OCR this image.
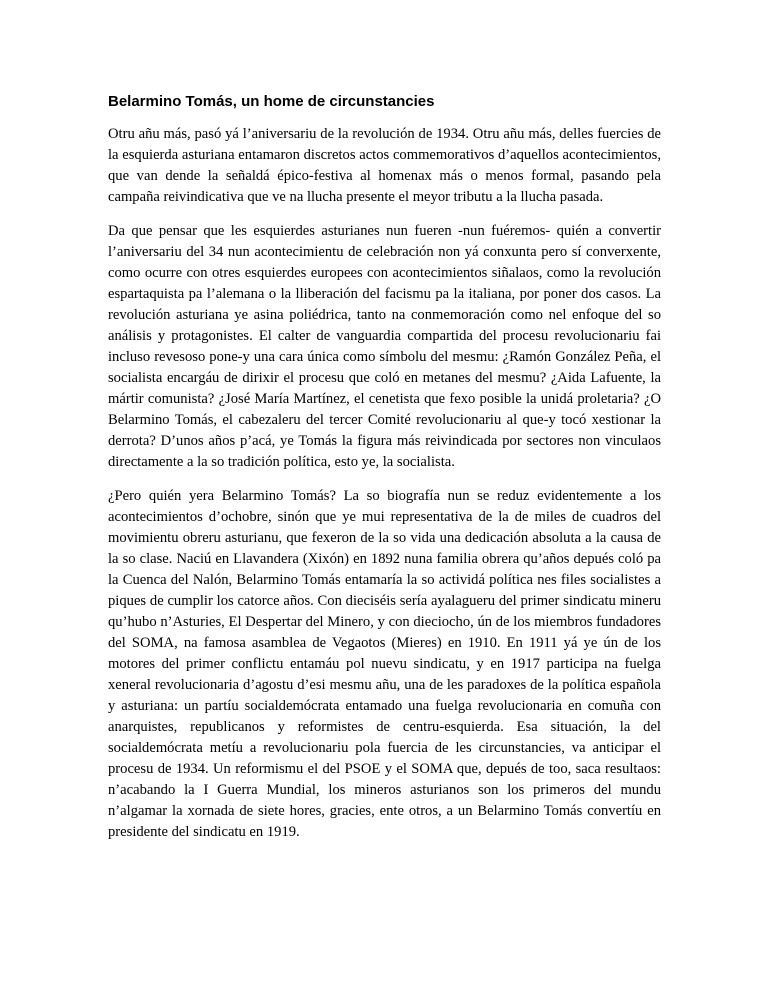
Belarmino Tomás, un home de circunstancies

Otru añu más, pasó yá l’aniversariu de la revolución de 1934. Otru añu más, delles fuercies de la esquierda asturiana entamaron discretos actos commemorativos d’aquellos acontecimientos, que van dende la señaldá épico-festiva al homenax más o menos formal, pasando pela campaña reivindicativa que ve na llucha presente el meyor tributu a la llucha pasada.

Da que pensar que les esquierdes asturianes nun fueren -nun fuéremos- quién a convertir l’aniversariu del 34 nun acontecimientu de celebración non yá conxunta pero sí converxente, como ocurre con otres esquierdes europees con acontecimientos siñalaos, como la revolución espartaquista pa l’alemana o la lliberación del facismu pa la italiana, por poner dos casos. La revolución asturiana ye asina poliédrica, tanto na conmemoración como nel enfoque del so análisis y protagonistes. El calter de vanguardia compartida del procesu revolucionariu fai incluso revesoso pone-y una cara única como símbolu del mesmu: ¿Ramón González Peña, el socialista encargáu de dirixir el procesu que coló en metanes del mesmu? ¿Aida Lafuente, la mártir comunista? ¿José María Martínez, el cenetista que fexo posible la unidá proletaria? ¿O Belarmino Tomás, el cabezaleru del tercer Comité revolucionariu al que-y tocó xestionar la derrota? D’unos años p’acá, ye Tomás la figura más reivindicada por sectores non vinculaos directamente a la so tradición política, esto ye, la socialista.

¿Pero quién yera Belarmino Tomás? La so biografía nun se reduz evidentemente a los acontecimientos d’ochobre, sinón que ye mui representativa de la de miles de cuadros del movimientu obreru asturianu, que fexeron de la so vida una dedicación absoluta a la causa de la so clase. Naciú en Llavandera (Xixón) en 1892 nuna familia obrera qu’años depués coló pa la Cuenca del Nalón, Belarmino Tomás entamaría la so actividá política nes files socialistes a piques de cumplir los catorce años. Con dieciséis sería ayalagueru del primer sindicatu mineru qu’hubo n’Asturies, El Despertar del Minero, y con dieciocho, ún de los miembros fundadores del SOMA, na famosa asamblea de Vegaotos (Mieres) en 1910. En 1911 yá ye ún de los motores del primer conflictu entamáu pol nuevu sindicatu, y en 1917 participa na fuelga xeneral revolucionaria d’agostu d’esi mesmu añu, una de les paradoxes de la política española y asturiana: un partíu socialdemócrata entamado una fuelga revolucionaria en comuña con anarquistes, republicanos y reformistes de centru-esquierda. Esa situación, la del socialdemócrata metíu a revolucionariu pola fuercia de les circunstancies, va anticipar el procesu de 1934. Un reformismu el del PSOE y el SOMA que, depués de too, saca resultaos: n’acabando la I Guerra Mundial, los mineros asturianos son los primeros del mundu n’algamar la xornada de siete hores, gracies, ente otros, a un Belarmino Tomás convertíu en presidente del sindicatu en 1919.
